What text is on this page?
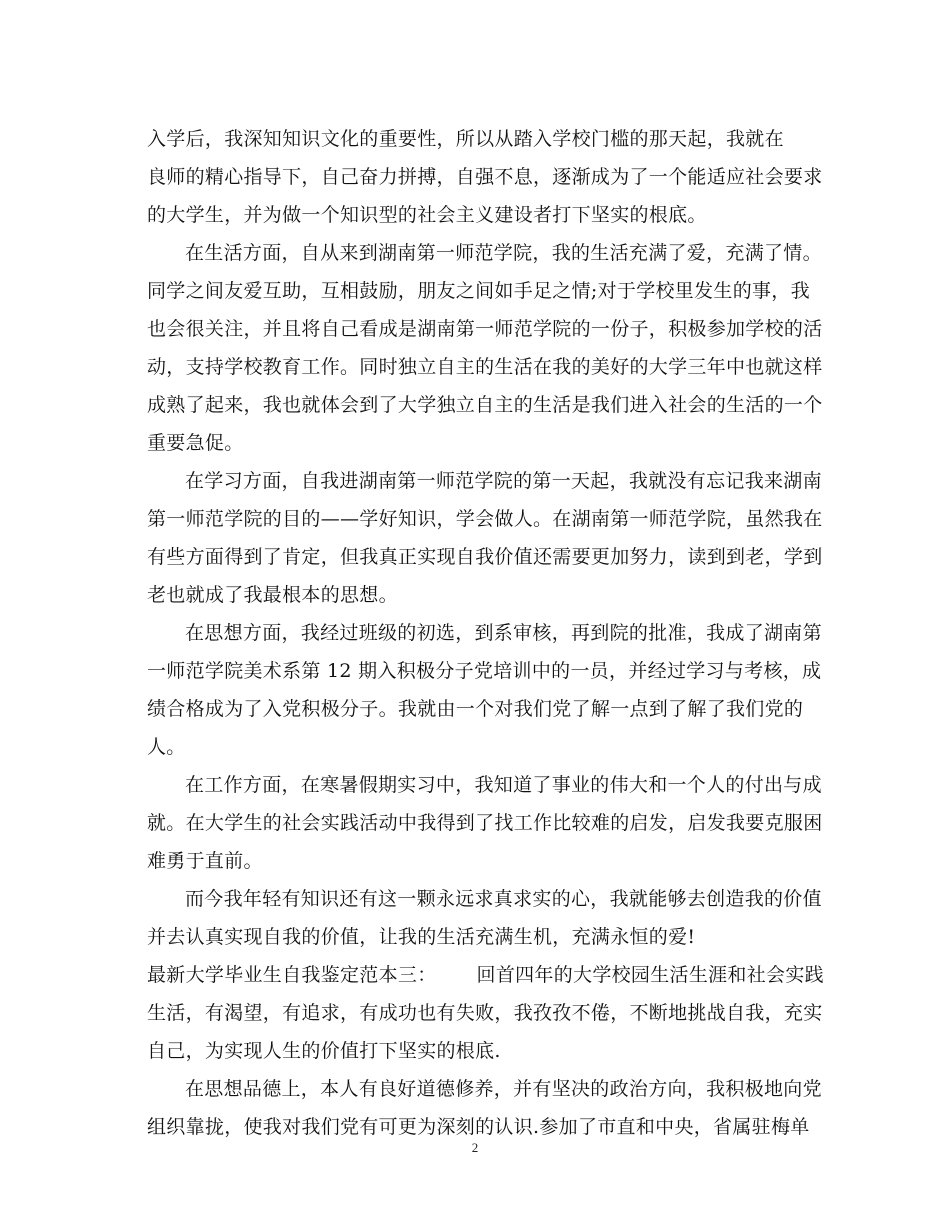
入学后，我深知知识文化的重要性，所以从踏入学校门槛的那天起，我就在
良师的精心指导下，自己奋力拼搏，自强不息，逐渐成为了一个能适应社会要求
的大学生，并为做一个知识型的社会主义建设者打下坚实的根底。
在生活方面，自从来到湖南第一师范学院，我的生活充满了爱，充满了情。
同学之间友爱互助，互相鼓励，朋友之间如手足之情;对于学校里发生的事，我
也会很关注，并且将自己看成是湖南第一师范学院的一份子，积极参加学校的活
动，支持学校教育工作。同时独立自主的生活在我的美好的大学三年中也就这样
成熟了起来，我也就体会到了大学独立自主的生活是我们进入社会的生活的一个
重要急促。
在学习方面，自我进湖南第一师范学院的第一天起，我就没有忘记我来湖南
第一师范学院的目的——学好知识，学会做人。在湖南第一师范学院，虽然我在
有些方面得到了肯定，但我真正实现自我价值还需要更加努力，读到到老，学到
老也就成了我最根本的思想。
在思想方面，我经过班级的初选，到系审核，再到院的批准，我成了湖南第
一师范学院美术系第 12 期入积极分子党培训中的一员，并经过学习与考核，成
绩合格成为了入党积极分子。我就由一个对我们党了解一点到了解了我们党的
人。
在工作方面，在寒暑假期实习中，我知道了事业的伟大和一个人的付出与成
就。在大学生的社会实践活动中我得到了找工作比较难的启发，启发我要克服困
难勇于直前。
而今我年轻有知识还有这一颗永远求真求实的心，我就能够去创造我的价值
并去认真实现自我的价值，让我的生活充满生机，充满永恒的爱!
最新大学毕业生自我鉴定范本三： 回首四年的大学校园生活生涯和社会实践
生活，有渴望，有追求，有成功也有失败，我孜孜不倦，不断地挑战自我，充实
自己，为实现人生的价值打下坚实的根底.
在思想品德上，本人有良好道德修养，并有坚决的政治方向，我积极地向党
组织靠拢，使我对我们党有可更为深刻的认识.参加了市直和中央，省属驻梅单
2
